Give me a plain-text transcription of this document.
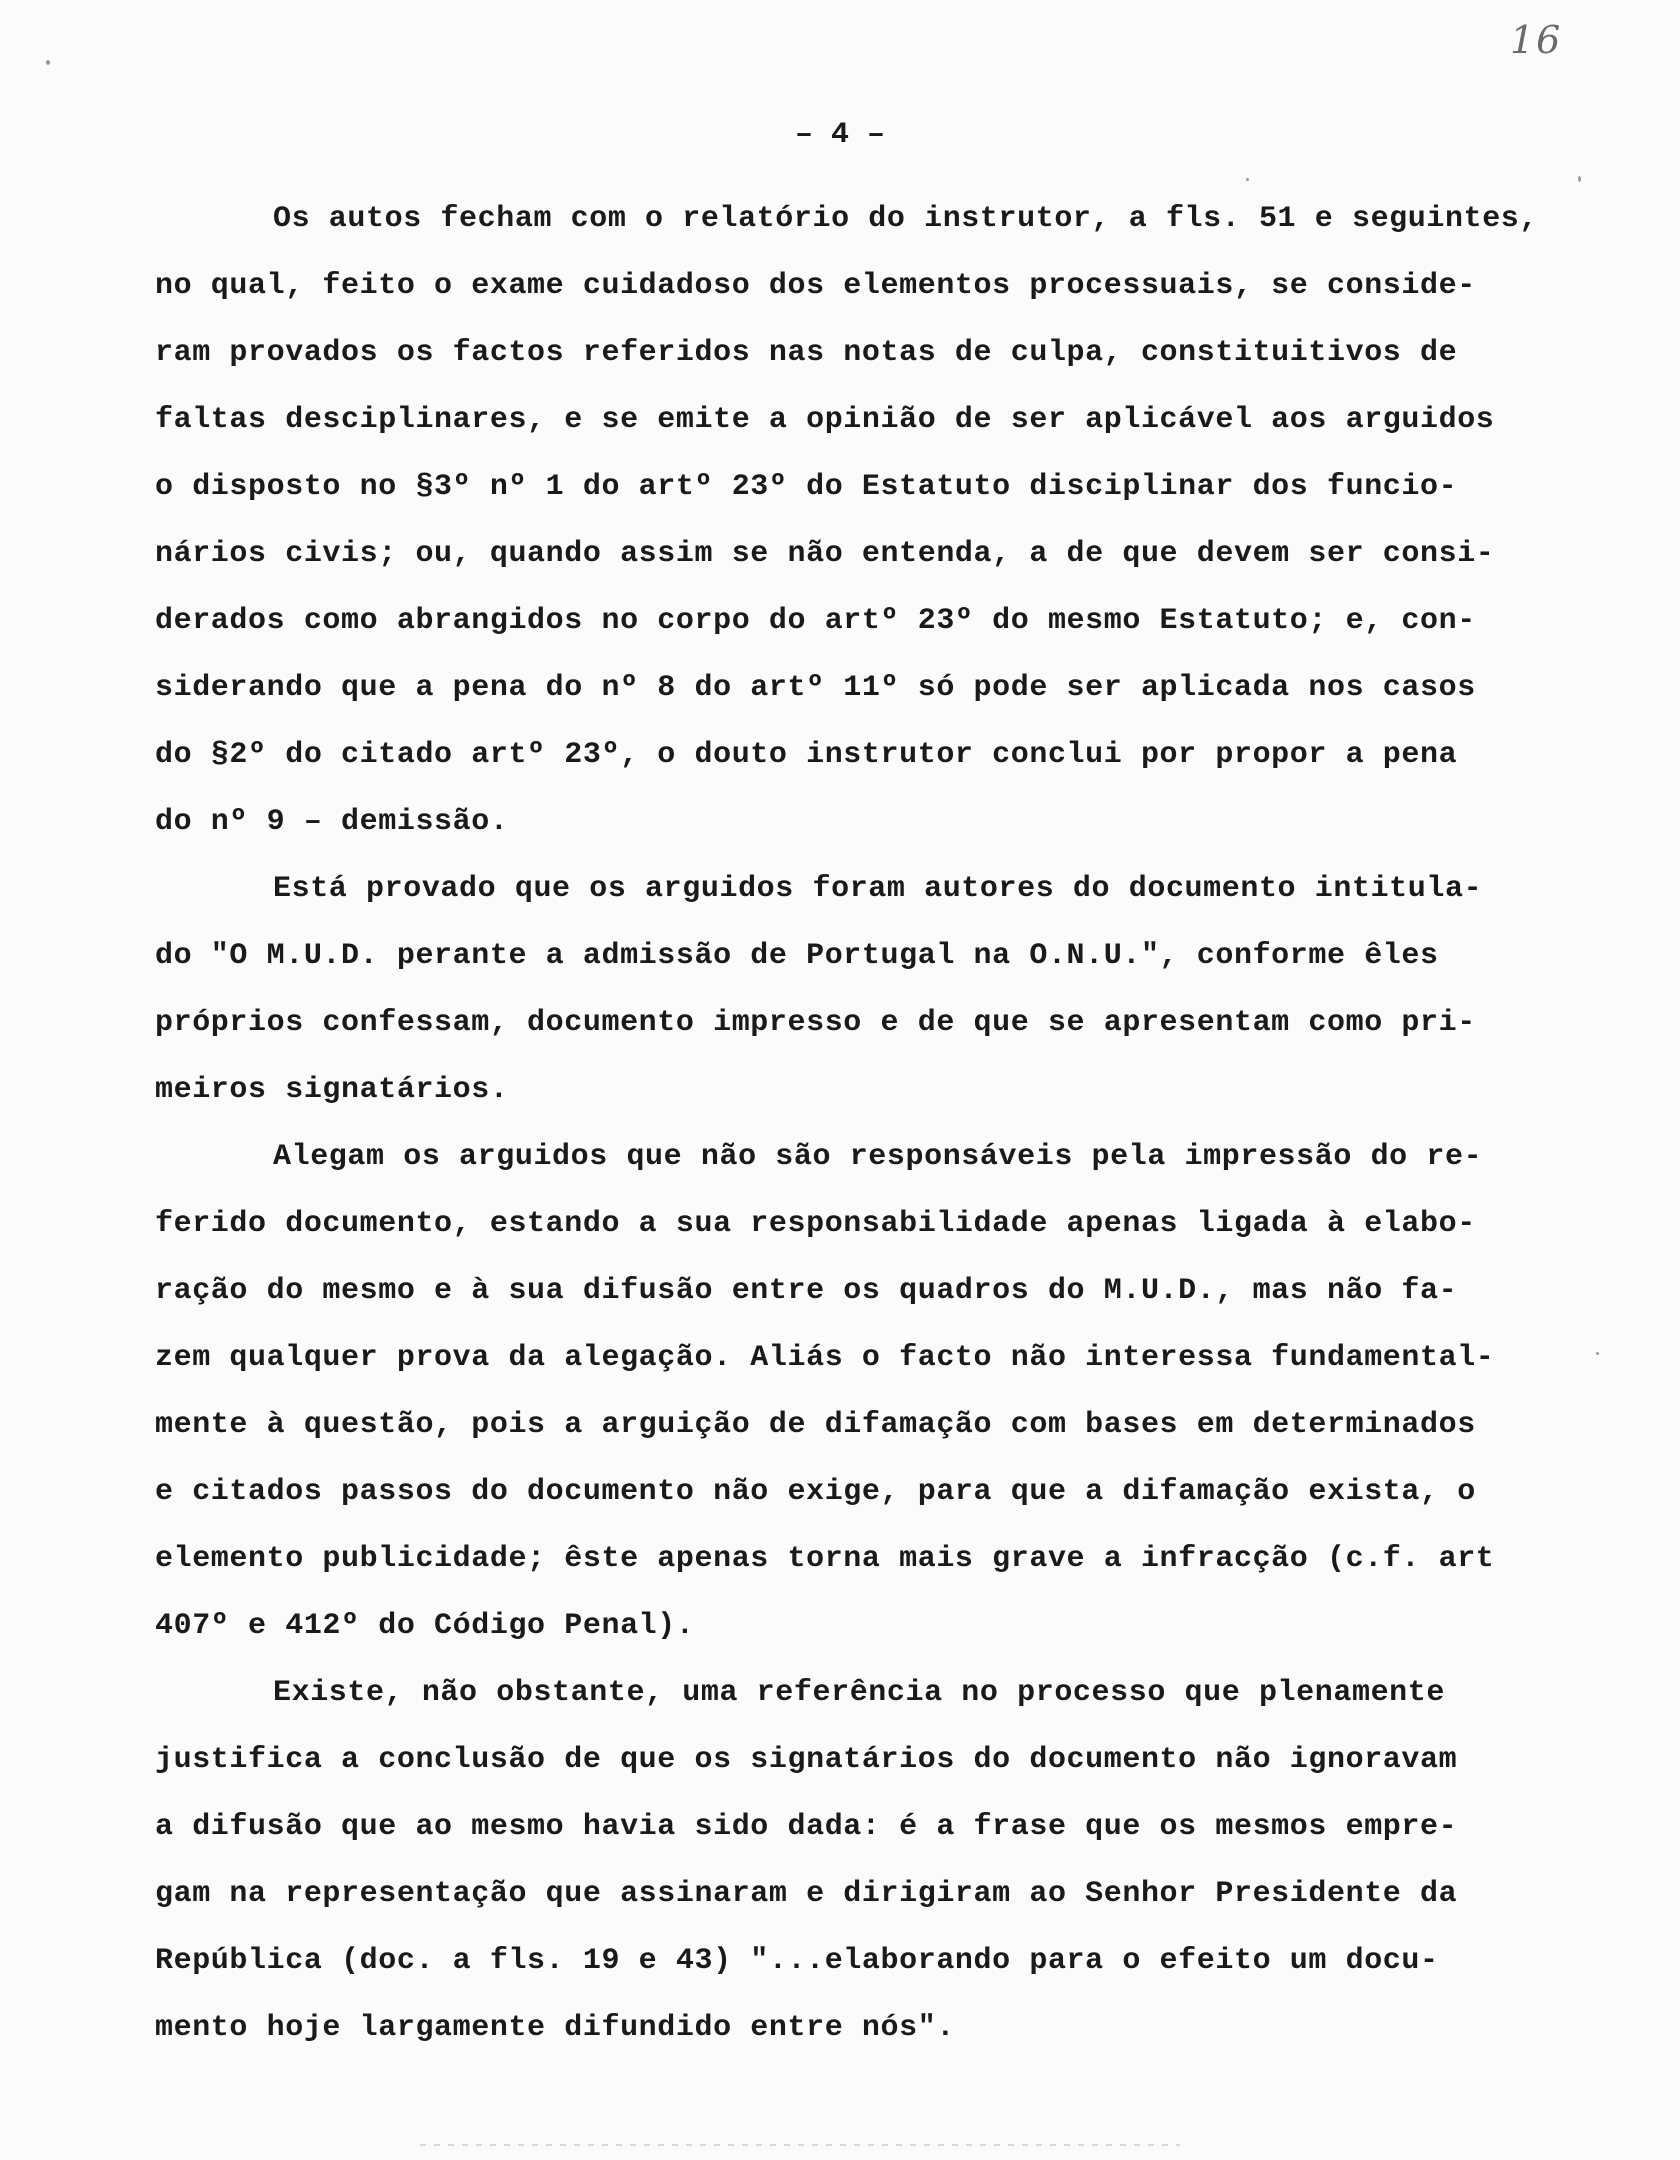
16
– 4 –
Os autos fecham com o relatório do instrutor, a fls. 51 e seguintes,
no qual, feito o exame cuidadoso dos elementos processuais, se conside-
ram provados os factos referidos nas notas de culpa, constituitivos de
faltas desciplinares, e se emite a opinião de ser aplicável aos arguidos
o disposto no §3º nº 1 do artº 23º do Estatuto disciplinar dos funcio-
nários civis; ou, quando assim se não entenda, a de que devem ser consi-
derados como abrangidos no corpo do artº 23º do mesmo Estatuto; e, con-
siderando que a pena do nº 8 do artº 11º só pode ser aplicada nos casos
do §2º do citado artº 23º, o douto instrutor conclui por propor a pena
do nº 9 – demissão.
Está provado que os arguidos foram autores do documento intitula-
do "O M.U.D. perante a admissão de Portugal na O.N.U.", conforme êles
próprios confessam, documento impresso e de que se apresentam como pri-
meiros signatários.
Alegam os arguidos que não são responsáveis pela impressão do re-
ferido documento, estando a sua responsabilidade apenas ligada à elabo-
ração do mesmo e à sua difusão entre os quadros do M.U.D., mas não fa-
zem qualquer prova da alegação. Aliás o facto não interessa fundamental-
mente à questão, pois a arguição de difamação com bases em determinados
e citados passos do documento não exige, para que a difamação exista, o
elemento publicidade; êste apenas torna mais grave a infracção (c.f. art
407º e 412º do Código Penal).
Existe, não obstante, uma referência no processo que plenamente
justifica a conclusão de que os signatários do documento não ignoravam
a difusão que ao mesmo havia sido dada: é a frase que os mesmos empre-
gam na representação que assinaram e dirigiram ao Senhor Presidente da
República (doc. a fls. 19 e 43) "...elaborando para o efeito um docu-
mento hoje largamente difundido entre nós".
